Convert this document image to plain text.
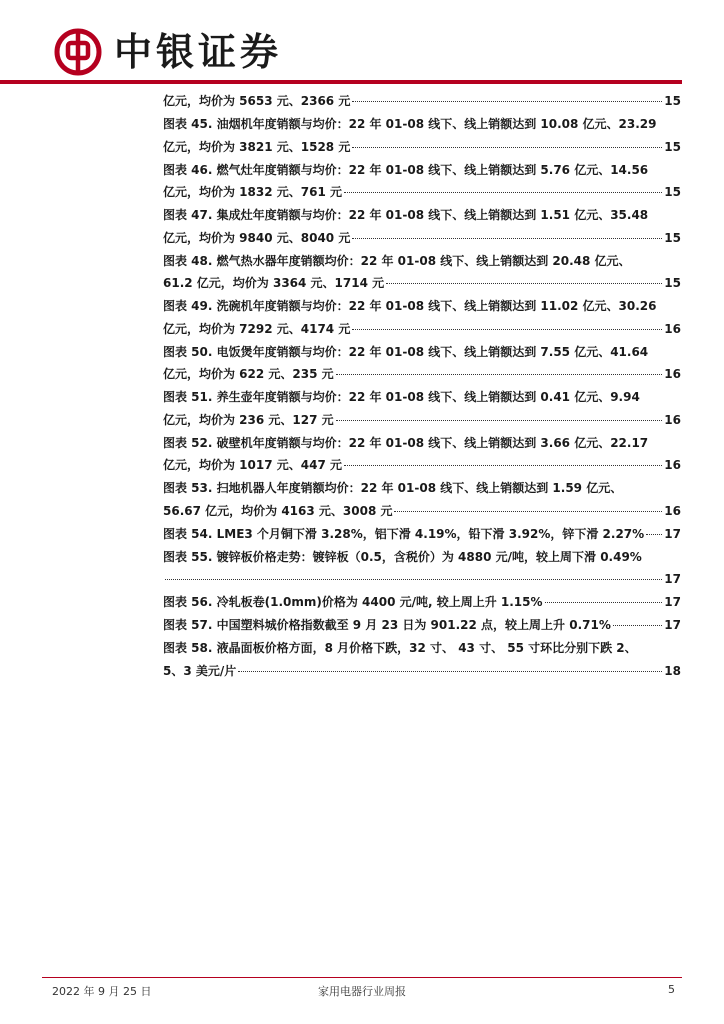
中银证券
亿元，均价为 5653 元、2366 元	15
图表 45. 油烟机年度销额与均价：22 年 01-08 线下、线上销额达到 10.08 亿元、23.29
亿元，均价为 3821 元、1528 元	15
图表 46. 燃气灶年度销额与均价：22 年 01-08 线下、线上销额达到 5.76 亿元、14.56
亿元，均价为 1832 元、761 元	15
图表 47. 集成灶年度销额与均价：22 年 01-08 线下、线上销额达到 1.51 亿元、35.48
亿元，均价为 9840 元、8040 元	15
图表 48. 燃气热水器年度销额均价：22 年 01-08 线下、线上销额达到 20.48 亿元、
61.2 亿元，均价为 3364 元、1714 元	15
图表 49. 洗碗机年度销额与均价：22 年 01-08 线下、线上销额达到 11.02 亿元、30.26
亿元，均价为 7292 元、4174 元	16
图表 50. 电饭煲年度销额与均价：22 年 01-08 线下、线上销额达到 7.55 亿元、41.64
亿元，均价为 622 元、235 元	16
图表 51. 养生壶年度销额与均价：22 年 01-08 线下、线上销额达到 0.41 亿元、9.94
亿元，均价为 236 元、127 元	16
图表 52. 破壁机年度销额与均价：22 年 01-08 线下、线上销额达到 3.66 亿元、22.17
亿元，均价为 1017 元、447 元	16
图表 53. 扫地机器人年度销额均价：22 年 01-08 线下、线上销额达到 1.59 亿元、
56.67 亿元，均价为 4163 元、3008 元	16
图表 54. LME3 个月铜下滑 3.28%，铝下滑 4.19%，铅下滑 3.92%，锌下滑 2.27% 17
图表 55. 镀锌板价格走势：镀锌板（0.5，含税价）为 4880 元/吨，较上周下滑 0.49%
17
图表 56. 冷轧板卷(1.0mm)价格为 4400 元/吨, 较上周上升 1.15%	17
图表 57. 中国塑料城价格指数截至 9 月 23 日为 901.22 点，较上周上升 0.71%	17
图表 58. 液晶面板价格方面，8 月价格下跌，32 寸、 43 寸、 55 寸环比分别下跌 2、
5、3 美元/片	18
2022 年 9 月 25 日	家用电器行业周报	5
